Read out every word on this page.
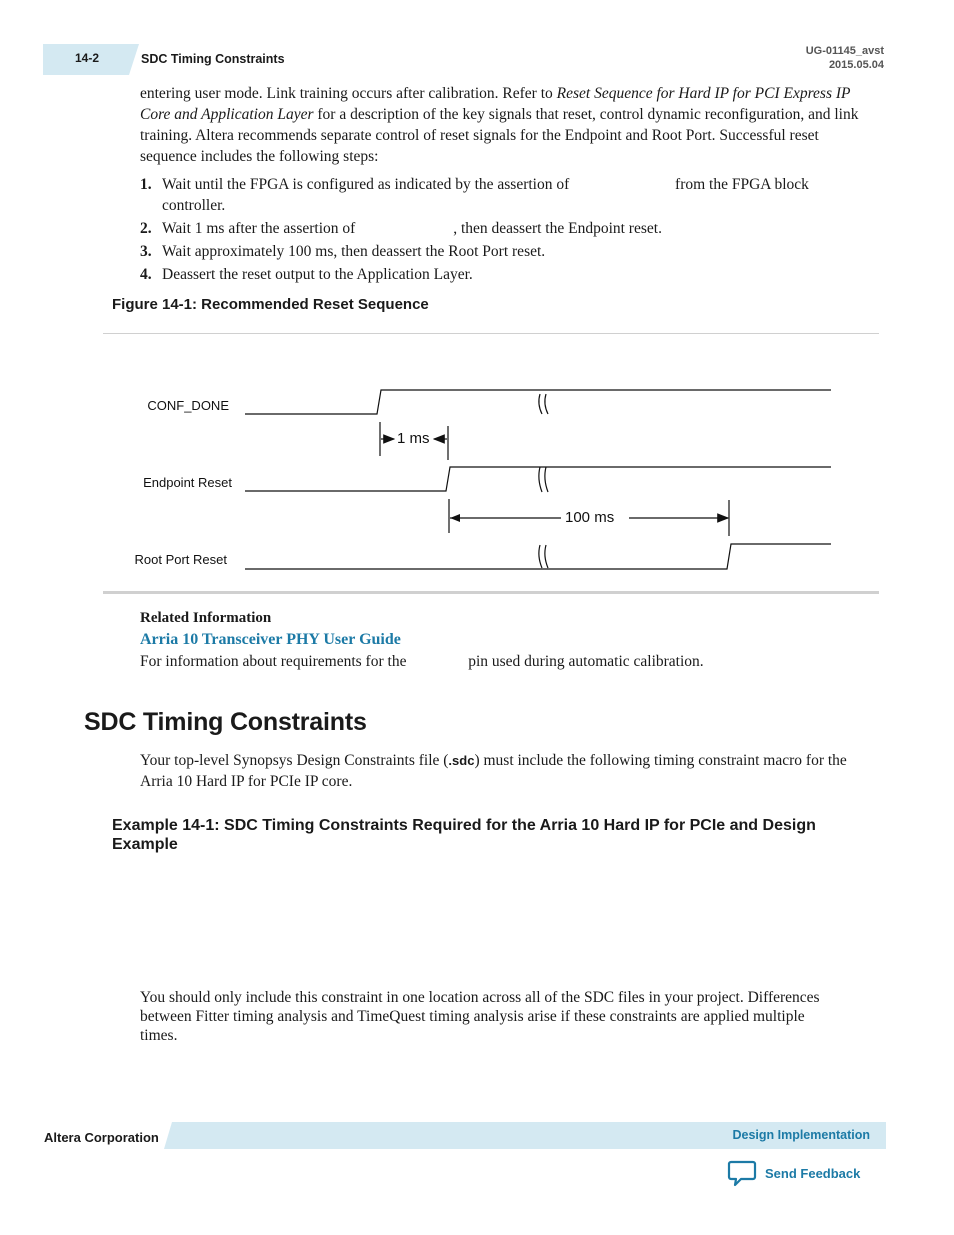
14-2	SDC Timing Constraints
UG-01145_avst
2015.05.04
entering user mode. Link training occurs after calibration. Refer to Reset Sequence for Hard IP for PCI Express IP Core and Application Layer for a description of the key signals that reset, control dynamic reconfiguration, and link training. Altera recommends separate control of reset signals for the Endpoint and Root Port. Successful reset sequence includes the following steps:
1. Wait until the FPGA is configured as indicated by the assertion of	from the FPGA block controller.
2. Wait 1 ms after the assertion of	, then deassert the Endpoint reset.
3. Wait approximately 100 ms, then deassert the Root Port reset.
4. Deassert the reset output to the Application Layer.
Figure 14-1: Recommended Reset Sequence
CONF_DONE
Endpoint Reset
Root Port Reset
1 ms
100 ms
Related Information
Arria 10 Transceiver PHY User Guide
For information about requirements for the	pin used during automatic calibration.
SDC Timing Constraints
Your top-level Synopsys Design Constraints file (.sdc) must include the following timing constraint macro for the Arria 10 Hard IP for PCIe IP core.
Example 14-1: SDC Timing Constraints Required for the Arria 10 Hard IP for PCIe and Design Example
You should only include this constraint in one location across all of the SDC files in your project. Differences between Fitter timing analysis and TimeQuest timing analysis arise if these constraints are applied multiple times.
Altera Corporation	Design Implementation
Send Feedback
